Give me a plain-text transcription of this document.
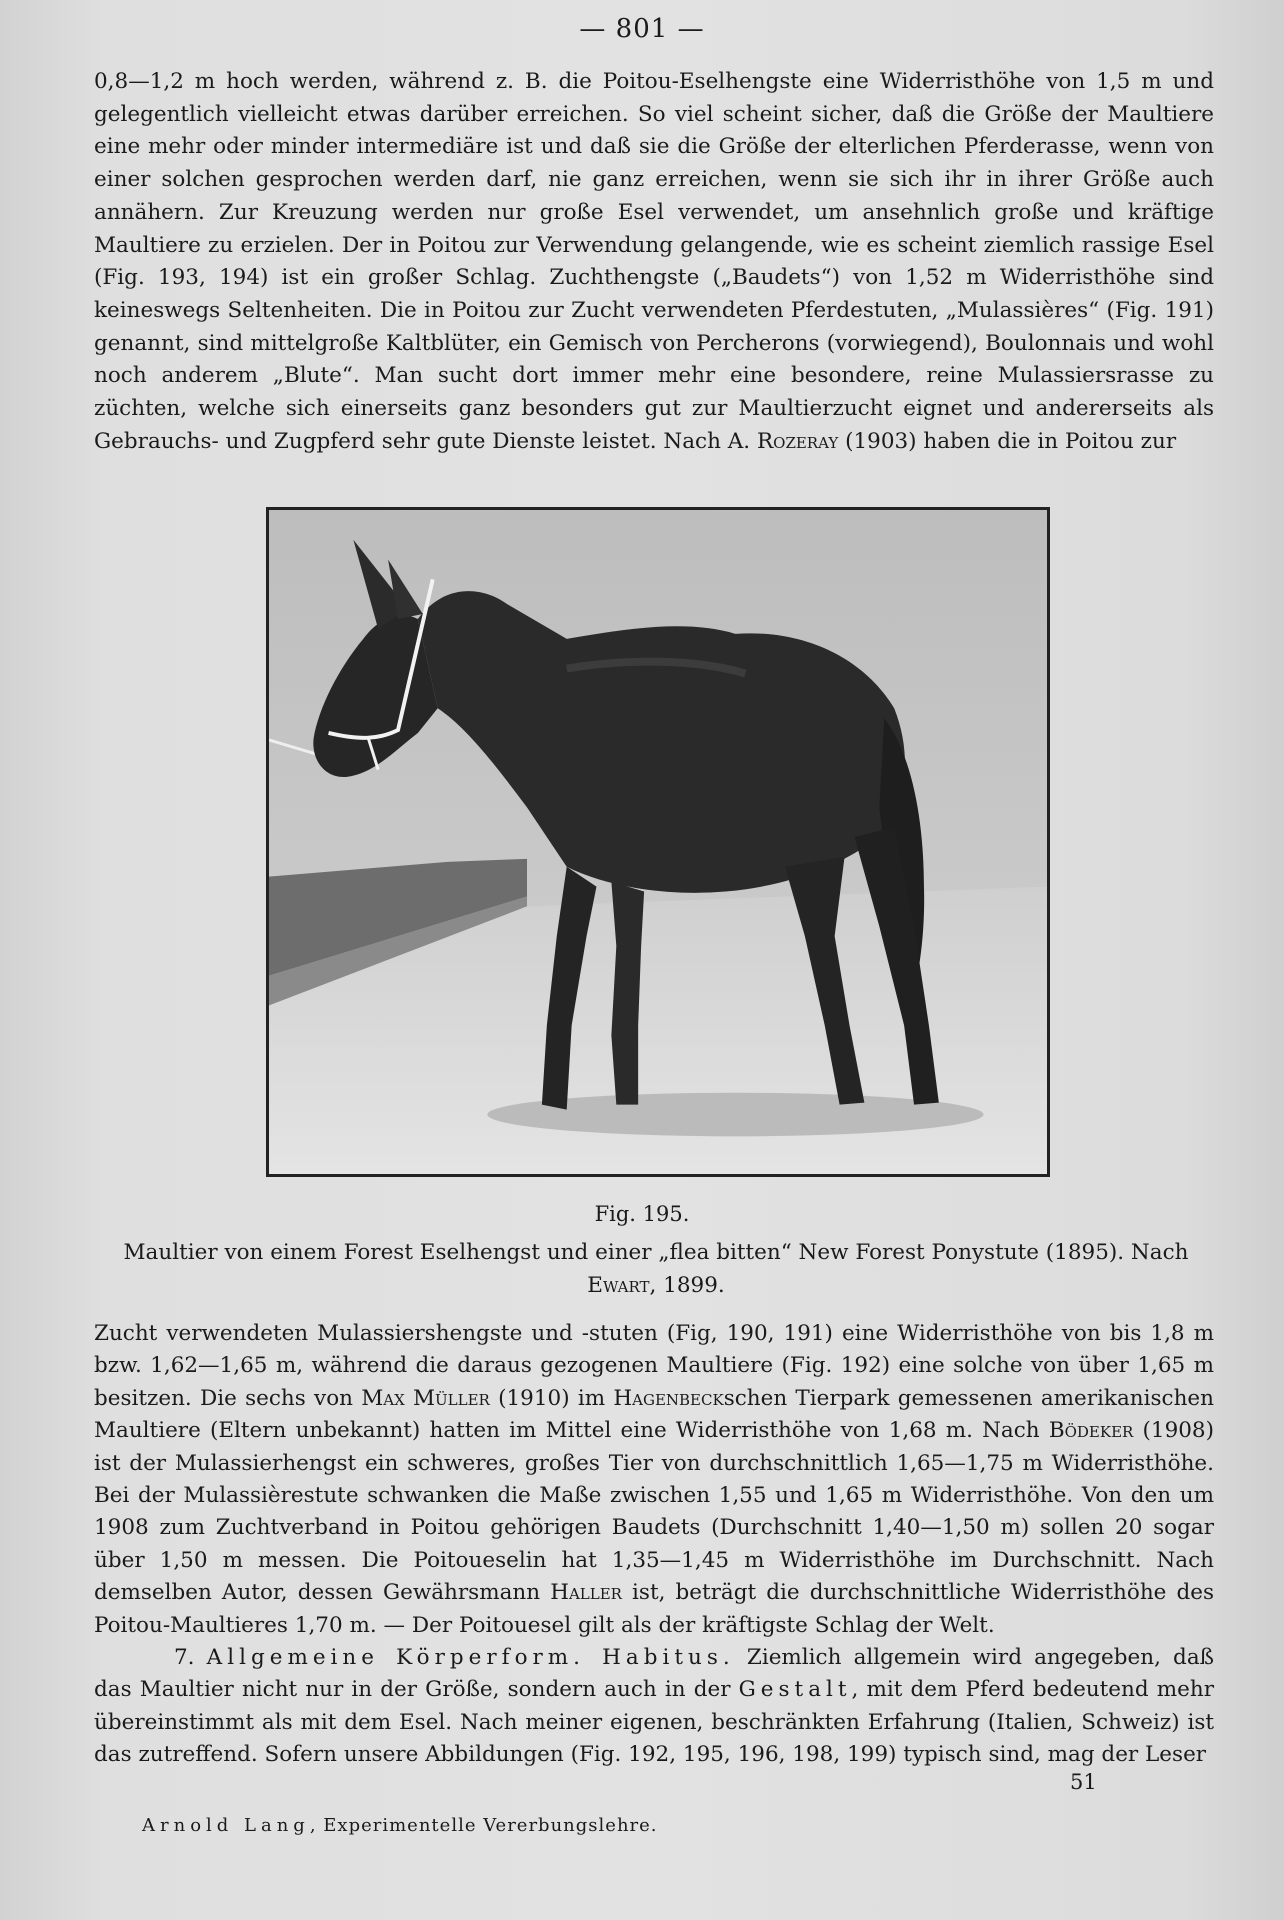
— 801 —

0,8—1,2 m hoch werden, während z. B. die Poitou-Eselhengste eine Widerristhöhe von 1,5 m und gelegentlich vielleicht etwas darüber erreichen. So viel scheint sicher, daß die Größe der Maultiere eine mehr oder minder intermediäre ist und daß sie die Größe der elterlichen Pferderasse, wenn von einer solchen gesprochen werden darf, nie ganz erreichen, wenn sie sich ihr in ihrer Größe auch annähern. Zur Kreuzung werden nur große Esel verwendet, um ansehnlich große und kräftige Maultiere zu erzielen. Der in Poitou zur Verwendung gelangende, wie es scheint ziemlich rassige Esel (Fig. 193, 194) ist ein großer Schlag. Zuchthengste („Baudets“) von 1,52 m Widerristhöhe sind keineswegs Seltenheiten. Die in Poitou zur Zucht verwendeten Pferdestuten, „Mulassières“ (Fig. 191) genannt, sind mittelgroße Kaltblüter, ein Gemisch von Percherons (vorwiegend), Boulonnais und wohl noch anderem „Blute“. Man sucht dort immer mehr eine besondere, reine Mulassiersrasse zu züchten, welche sich einerseits ganz besonders gut zur Maultierzucht eignet und andererseits als Gebrauchs- und Zugpferd sehr gute Dienste leistet. Nach A. Rozeray (1903) haben die in Poitou zur

Fig. 195.
Maultier von einem Forest Eselhengst und einer „flea bitten“ New Forest Ponystute (1895). Nach Ewart, 1899.

Zucht verwendeten Mulassiershengste und -stuten (Fig, 190, 191) eine Widerristhöhe von bis 1,8 m bzw. 1,62—1,65 m, während die daraus gezogenen Maultiere (Fig. 192) eine solche von über 1,65 m besitzen. Die sechs von Max Müller (1910) im Hagenbeckschen Tierpark gemessenen amerikanischen Maultiere (Eltern unbekannt) hatten im Mittel eine Widerristhöhe von 1,68 m. Nach Bödeker (1908) ist der Mulassierhengst ein schweres, großes Tier von durchschnittlich 1,65—1,75 m Widerristhöhe. Bei der Mulassièrestute schwanken die Maße zwischen 1,55 und 1,65 m Widerristhöhe. Von den um 1908 zum Zuchtverband in Poitou gehörigen Baudets (Durchschnitt 1,40—1,50 m) sollen 20 sogar über 1,50 m messen. Die Poitoueselin hat 1,35—1,45 m Widerristhöhe im Durchschnitt. Nach demselben Autor, dessen Gewährsmann Haller ist, beträgt die durchschnittliche Widerristhöhe des Poitou-Maultieres 1,70 m. — Der Poitouesel gilt als der kräftigste Schlag der Welt.

7. Allgemeine Körperform. Habitus. Ziemlich allgemein wird angegeben, daß das Maultier nicht nur in der Größe, sondern auch in der Gestalt, mit dem Pferd bedeutend mehr übereinstimmt als mit dem Esel. Nach meiner eigenen, beschränkten Erfahrung (Italien, Schweiz) ist das zutreffend. Sofern unsere Abbildungen (Fig. 192, 195, 196, 198, 199) typisch sind, mag der Leser

51
Arnold Lang, Experimentelle Vererbungslehre.
